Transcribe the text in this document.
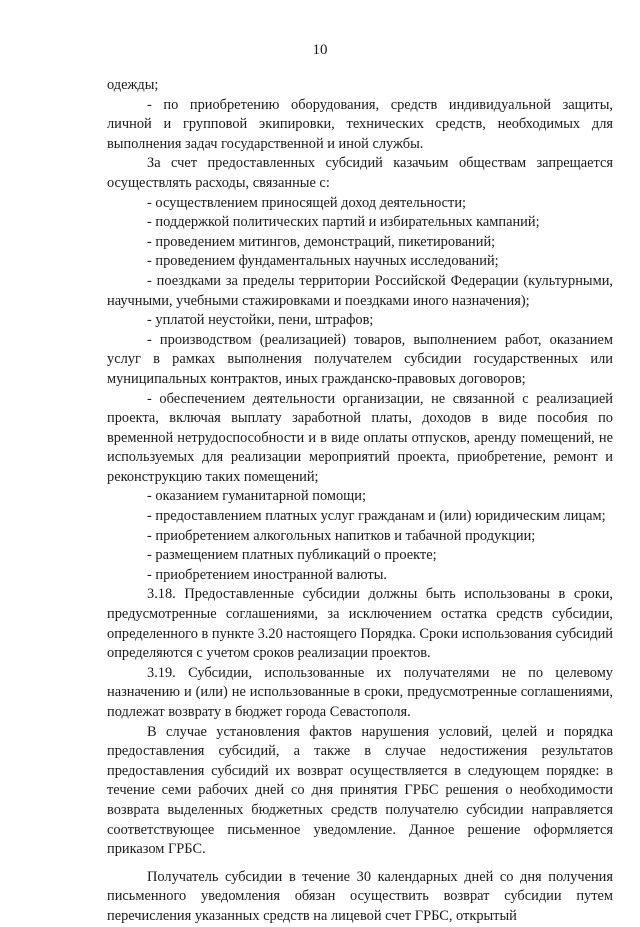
10

одежды;

- по приобретению оборудования, средств индивидуальной защиты, личной и групповой экипировки, технических средств, необходимых для выполнения задач государственной и иной службы.

За счет предоставленных субсидий казачьим обществам запрещается осуществлять расходы, связанные с:

- осуществлением приносящей доход деятельности;

- поддержкой политических партий и избирательных кампаний;

- проведением митингов, демонстраций, пикетирований;

- проведением фундаментальных научных исследований;

- поездками за пределы территории Российской Федерации (культурными, научными, учебными стажировками и поездками иного назначения);

- уплатой неустойки, пени, штрафов;

- производством (реализацией) товаров, выполнением работ, оказанием услуг в рамках выполнения получателем субсидии государственных или муниципальных контрактов, иных гражданско-правовых договоров;

- обеспечением деятельности организации, не связанной с реализацией проекта, включая выплату заработной платы, доходов в виде пособия по временной нетрудоспособности и в виде оплаты отпусков, аренду помещений, не используемых для реализации мероприятий проекта, приобретение, ремонт и реконструкцию таких помещений;

- оказанием гуманитарной помощи;

- предоставлением платных услуг гражданам и (или) юридическим лицам;

- приобретением алкогольных напитков и табачной продукции;

- размещением платных публикаций о проекте;

- приобретением иностранной валюты.

3.18. Предоставленные субсидии должны быть использованы в сроки, предусмотренные соглашениями, за исключением остатка средств субсидии, определенного в пункте 3.20 настоящего Порядка. Сроки использования субсидий определяются с учетом сроков реализации проектов.

3.19. Субсидии, использованные их получателями не по целевому назначению и (или) не использованные в сроки, предусмотренные соглашениями, подлежат возврату в бюджет города Севастополя.

В случае установления фактов нарушения условий, целей и порядка предоставления субсидий, а также в случае недостижения результатов предоставления субсидий их возврат осуществляется в следующем порядке: в течение семи рабочих дней со дня принятия ГРБС решения о необходимости возврата выделенных бюджетных средств получателю субсидии направляется соответствующее письменное уведомление. Данное решение оформляется приказом ГРБС.

Получатель субсидии в течение 30 календарных дней со дня получения письменного уведомления обязан осуществить возврат субсидии путем перечисления указанных средств на лицевой счет ГРБС, открытый
